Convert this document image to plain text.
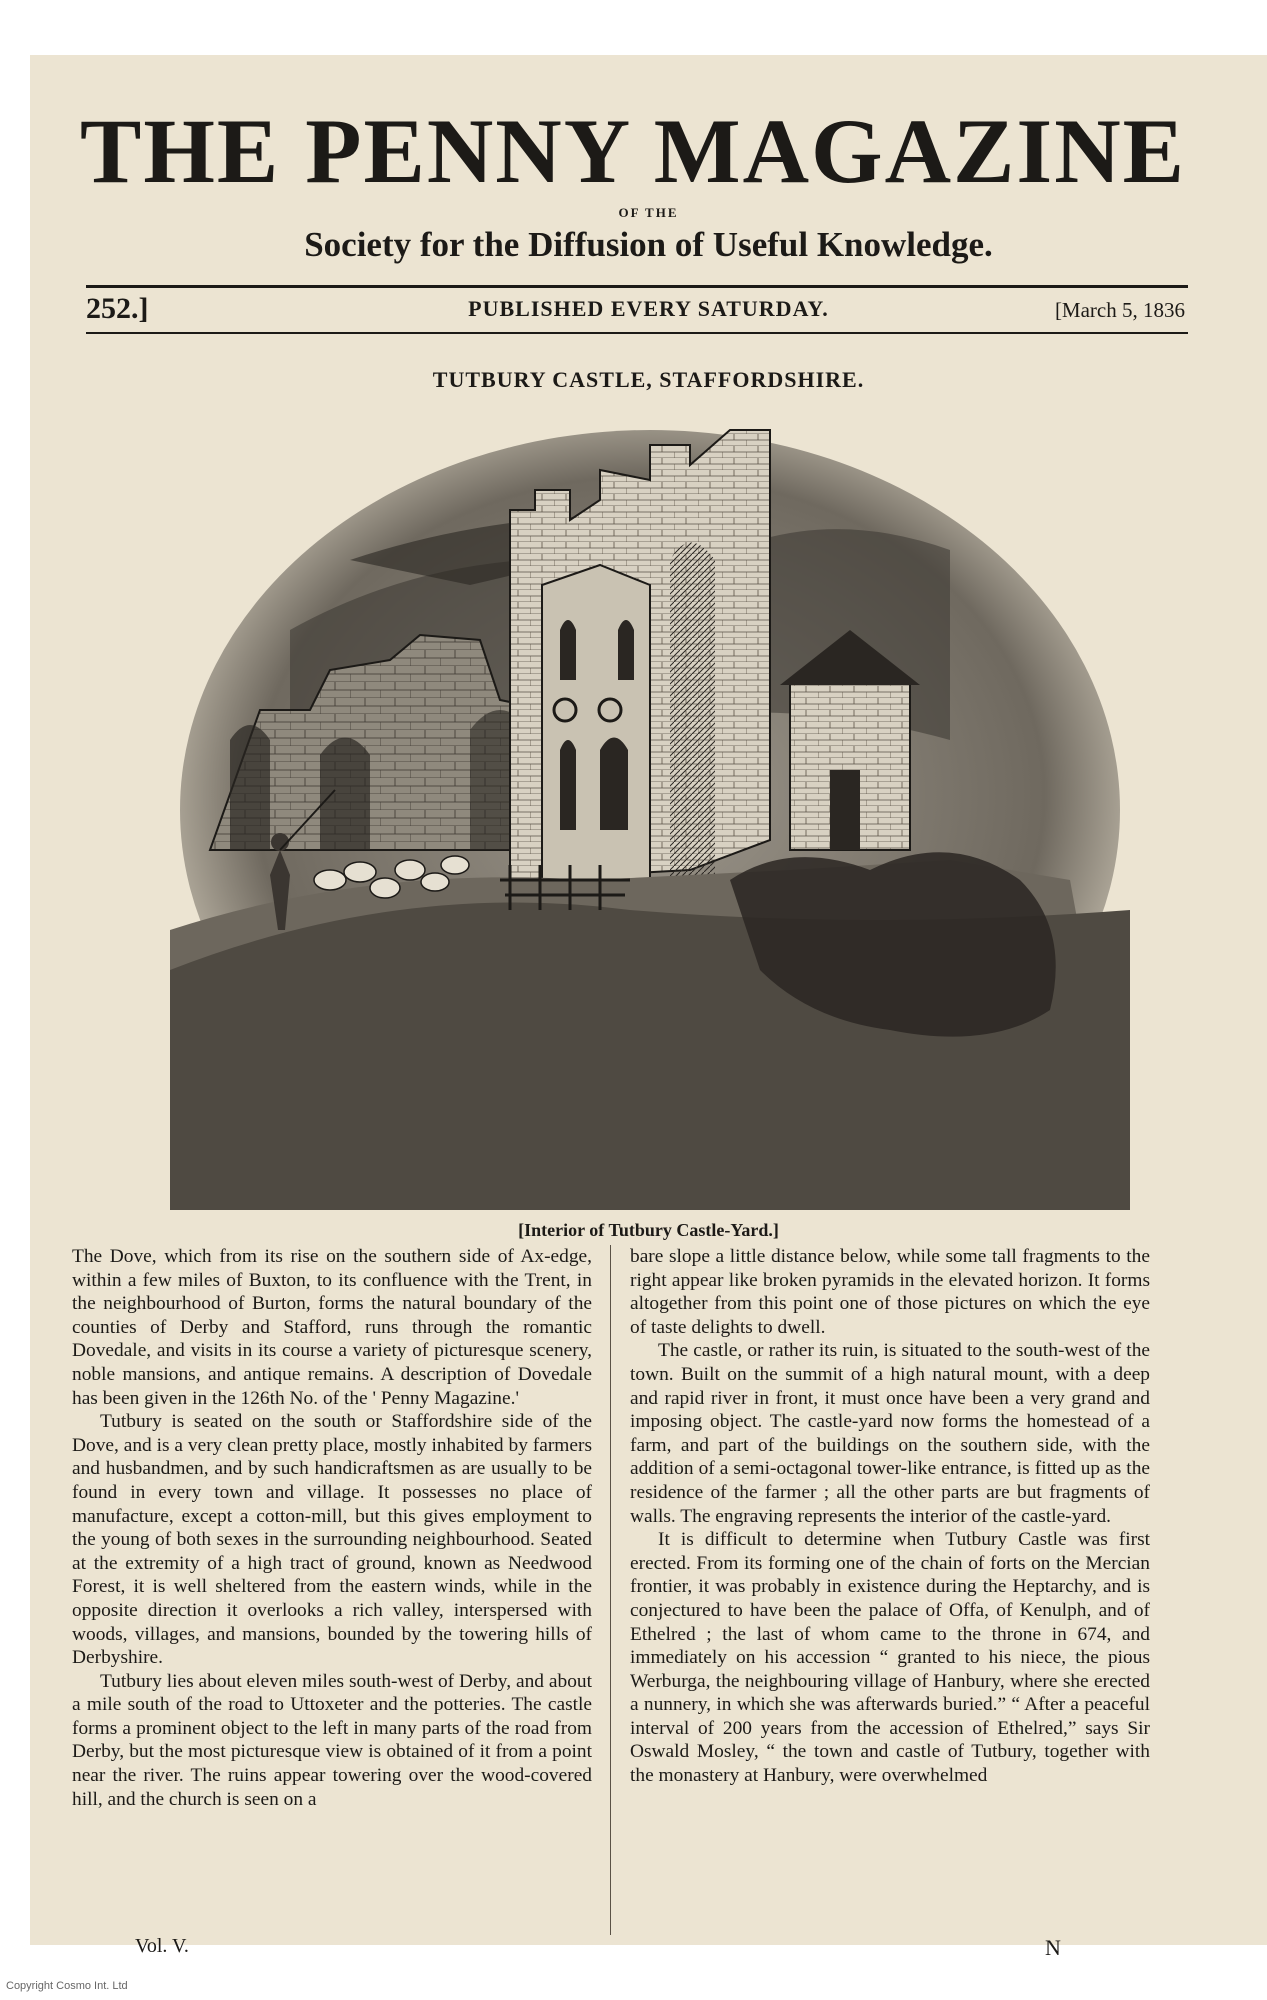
THE PENNY MAGAZINE
OF THE
Society for the Diffusion of Useful Knowledge.
252.]	PUBLISHED EVERY SATURDAY.	[March 5, 1836
TUTBURY CASTLE, STAFFORDSHIRE.
[Interior of Tutbury Castle-Yard.]

The Dove, which from its rise on the southern side of Ax-edge, within a few miles of Buxton, to its confluence with the Trent, in the neighbourhood of Burton, forms the natural boundary of the counties of Derby and Stafford, runs through the romantic Dovedale, and visits in its course a variety of picturesque scenery, noble mansions, and antique remains. A description of Dovedale has been given in the 126th No. of the ' Penny Magazine.'

Tutbury is seated on the south or Staffordshire side of the Dove, and is a very clean pretty place, mostly inhabited by farmers and husbandmen, and by such handicraftsmen as are usually to be found in every town and village. It possesses no place of manufacture, except a cotton-mill, but this gives employment to the young of both sexes in the surrounding neighbourhood. Seated at the extremity of a high tract of ground, known as Needwood Forest, it is well sheltered from the eastern winds, while in the opposite direction it overlooks a rich valley, interspersed with woods, villages, and mansions, bounded by the towering hills of Derbyshire.

Tutbury lies about eleven miles south-west of Derby, and about a mile south of the road to Uttoxeter and the potteries. The castle forms a prominent object to the left in many parts of the road from Derby, but the most picturesque view is obtained of it from a point near the river. The ruins appear towering over the wood-covered hill, and the church is seen on a

bare slope a little distance below, while some tall fragments to the right appear like broken pyramids in the elevated horizon. It forms altogether from this point one of those pictures on which the eye of taste delights to dwell.

The castle, or rather its ruin, is situated to the south-west of the town. Built on the summit of a high natural mount, with a deep and rapid river in front, it must once have been a very grand and imposing object. The castle-yard now forms the homestead of a farm, and part of the buildings on the southern side, with the addition of a semi-octagonal tower-like entrance, is fitted up as the residence of the farmer ; all the other parts are but fragments of walls. The engraving represents the interior of the castle-yard.

It is difficult to determine when Tutbury Castle was first erected. From its forming one of the chain of forts on the Mercian frontier, it was probably in existence during the Heptarchy, and is conjectured to have been the palace of Offa, of Kenulph, and of Ethelred ; the last of whom came to the throne in 674, and immediately on his accession “ granted to his niece, the pious Werburga, the neighbouring village of Hanbury, where she erected a nunnery, in which she was afterwards buried.” “ After a peaceful interval of 200 years from the accession of Ethelred,” says Sir Oswald Mosley, “ the town and castle of Tutbury, together with the monastery at Hanbury, were overwhelmed

Vol. V.	N
Copyright Cosmo Int. Ltd
